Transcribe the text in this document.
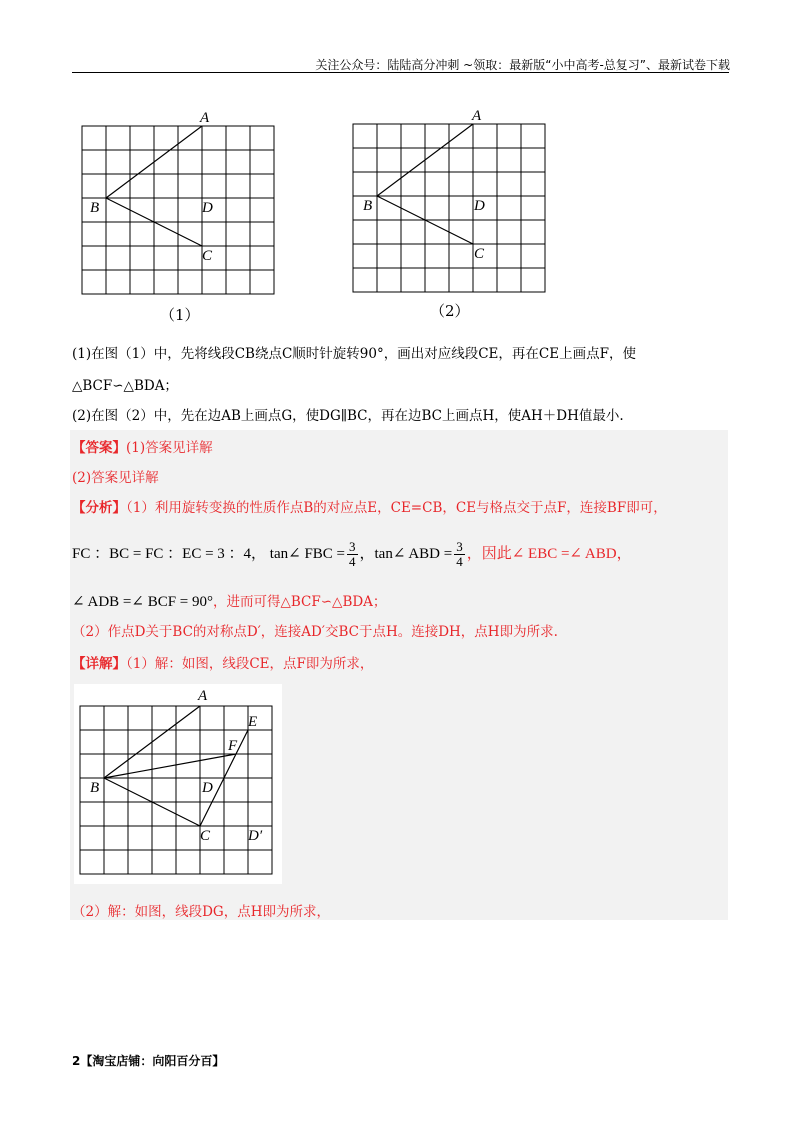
关注公众号：陆陆高分冲刺 ~领取：最新版“小中高考-总复习”、最新试卷下载
A
B	D
C
（1）
A
B	D
C
（2）
(1)在图（1）中，先将线段CB绕点C顺时针旋转90°，画出对应线段CE，再在CE上画点F，使
△BCF∽△BDA；
(2)在图（2）中，先在边AB上画点G，使DG∥BC，再在边BC上画点H，使AH＋DH值最小.
【答案】(1)答案见详解
(2)答案见详解
【分析】（1）利用旋转变换的性质作点B的对应点E，CE=CB，CE与格点交于点F，连接BF即可，
FC ：BC = FC ：EC = 3 ：4， tan∠ FBC = $\frac{3}{4}$ ，tan∠ ABD = $\frac{3}{4}$ ，因此∠ EBC =∠ ABD，
∠ ADB =∠ BCF = 90°，进而可得△BCF∽△BDA；
（2）作点D关于BC的对称点D′，连接AD′交BC于点H。连接DH，点H即为所求.
【详解】（1）解：如图，线段CE，点F即为所求，
A
E
F
B	D
C	D′
（2）解：如图，线段DG，点H即为所求，
2【淘宝店铺：向阳百分百】
